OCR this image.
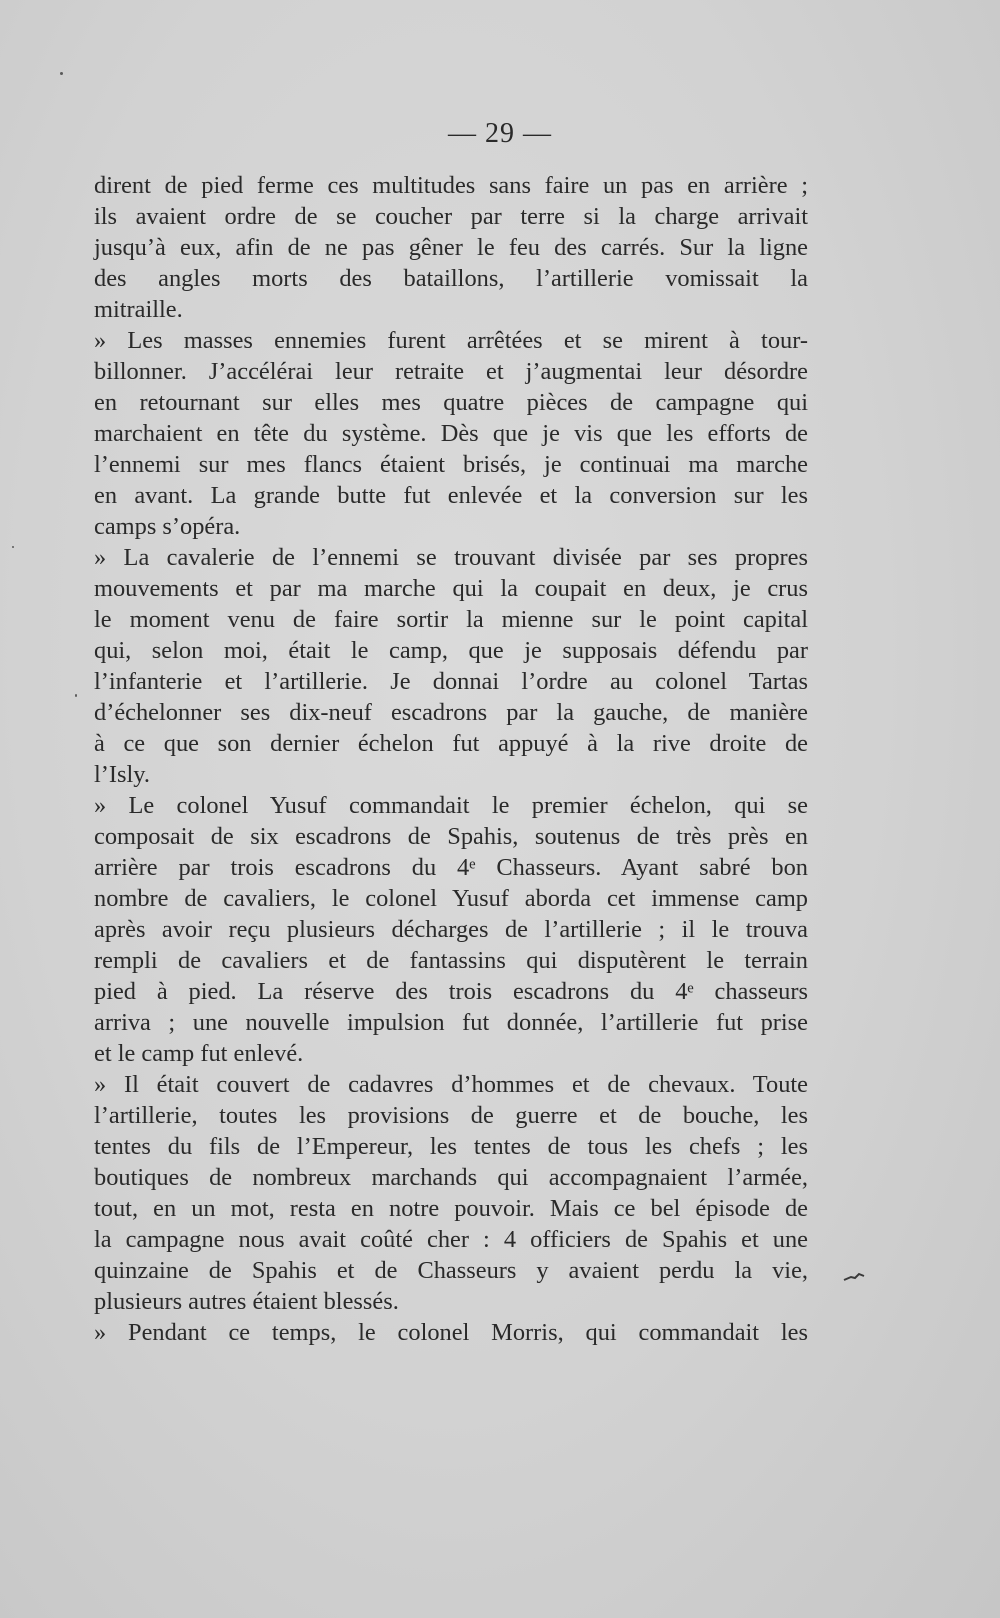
— 29 —
dirent de pied ferme ces multitudes sans faire un pas en arrière ;
ils avaient ordre de se coucher par terre si la charge arrivait
jusqu’à eux, afin de ne pas gêner le feu des carrés. Sur la ligne
des angles morts des bataillons, l’artillerie vomissait la
mitraille.
» Les masses ennemies furent arrêtées et se mirent à tour-
billonner. J’accélérai leur retraite et j’augmentai leur désordre
en retournant sur elles mes quatre pièces de campagne qui
marchaient en tête du système. Dès que je vis que les efforts de
l’ennemi sur mes flancs étaient brisés, je continuai ma marche
en avant. La grande butte fut enlevée et la conversion sur les
camps s’opéra.
» La cavalerie de l’ennemi se trouvant divisée par ses propres
mouvements et par ma marche qui la coupait en deux, je crus
le moment venu de faire sortir la mienne sur le point capital
qui, selon moi, était le camp, que je supposais défendu par
l’infanterie et l’artillerie. Je donnai l’ordre au colonel Tartas
d’échelonner ses dix-neuf escadrons par la gauche, de manière
à ce que son dernier échelon fut appuyé à la rive droite de
l’Isly.
» Le colonel Yusuf commandait le premier échelon, qui se
composait de six escadrons de Spahis, soutenus de très près en
arrière par trois escadrons du 4ᵉ Chasseurs. Ayant sabré bon
nombre de cavaliers, le colonel Yusuf aborda cet immense camp
après avoir reçu plusieurs décharges de l’artillerie ; il le trouva
rempli de cavaliers et de fantassins qui disputèrent le terrain
pied à pied. La réserve des trois escadrons du 4ᵉ chasseurs
arriva ; une nouvelle impulsion fut donnée, l’artillerie fut prise
et le camp fut enlevé.
» Il était couvert de cadavres d’hommes et de chevaux. Toute
l’artillerie, toutes les provisions de guerre et de bouche, les
tentes du fils de l’Empereur, les tentes de tous les chefs ; les
boutiques de nombreux marchands qui accompagnaient l’armée,
tout, en un mot, resta en notre pouvoir. Mais ce bel épisode de
la campagne nous avait coûté cher : 4 officiers de Spahis et une
quinzaine de Spahis et de Chasseurs y avaient perdu la vie,
plusieurs autres étaient blessés.
» Pendant ce temps, le colonel Morris, qui commandait les
